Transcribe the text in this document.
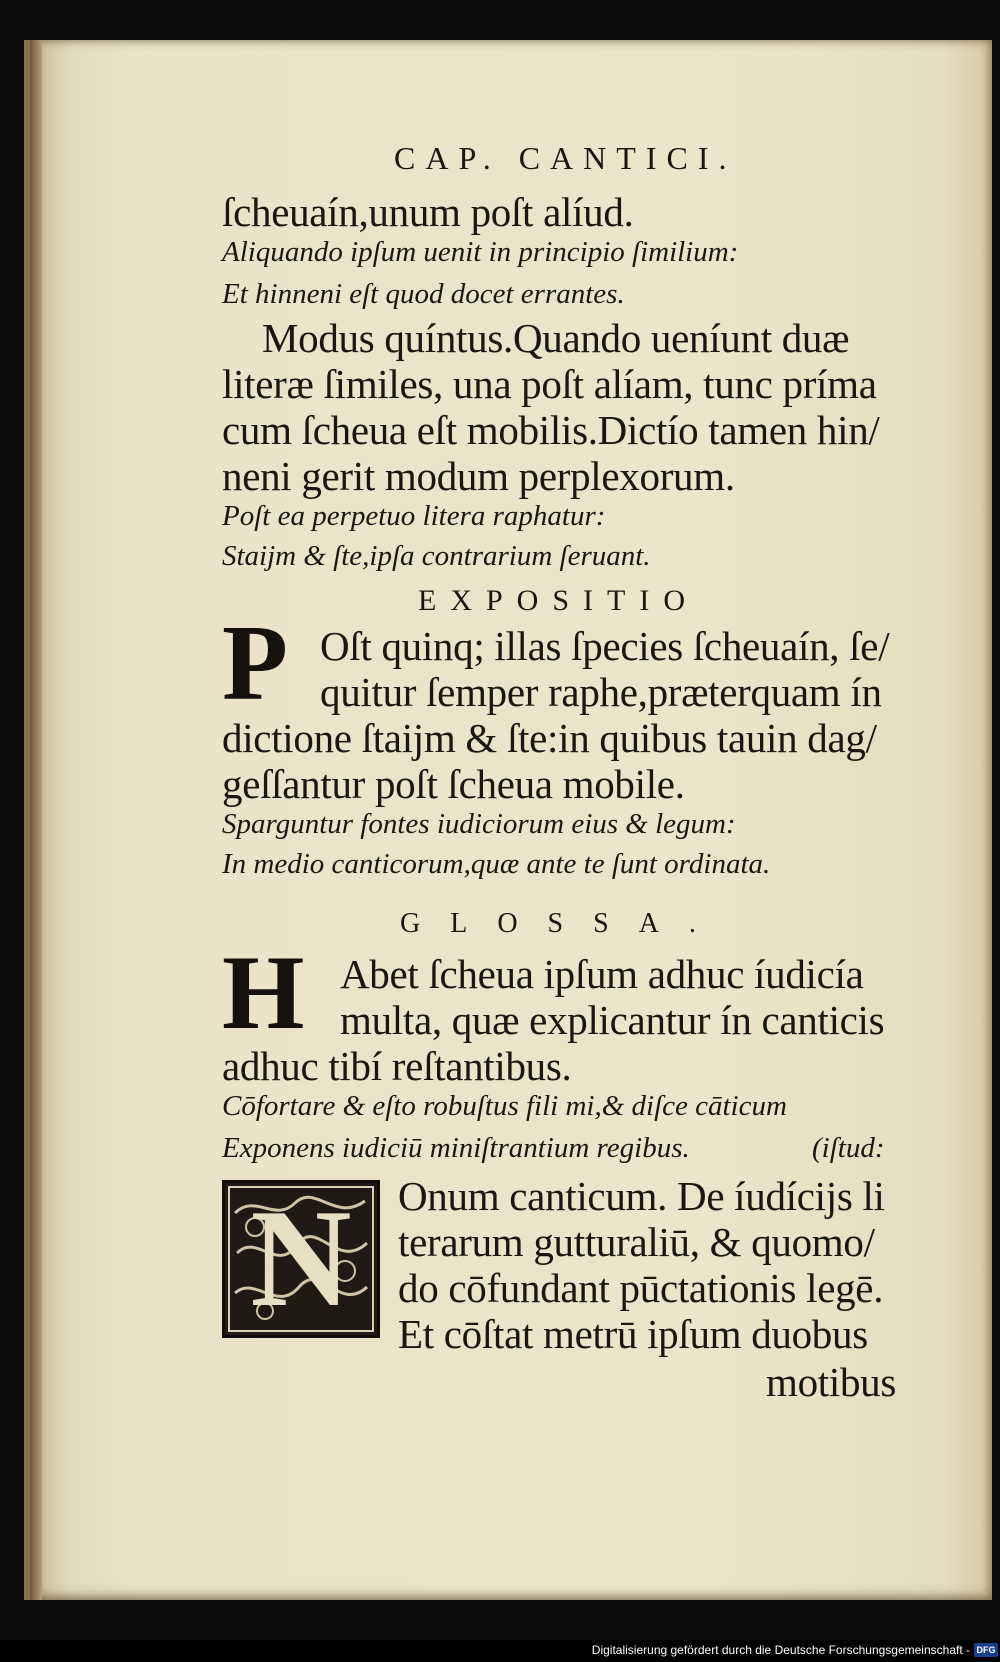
CAP. CANTICI.
ſcheuaín,unum poſt alíud.
Aliquando ipſum uenit in principio ſimilium:
Et hinneni eſt quod docet errantes.
Modus quíntus.Quando ueníunt duæ
literæ ſimiles, una poſt alíam, tunc príma
cum ſcheua eſt mobilis.Dictío tamen hin/
neni gerit modum perplexorum.
Poſt ea perpetuo litera raphatur:
Staijm & ſte,ipſa contrarium ſeruant.
EXPOSITIO
P Oſt quinq; illas ſpecies ſcheuaín, ſe/
quitur ſemper raphe,præterquam ín
dictione ſtaijm & ſte:in quibus tauin dag/
geſſantur poſt ſcheua mobile.
Sparguntur fontes iudiciorum eius & legum:
In medio canticorum,quæ ante te ſunt ordinata.
GLOSSA.
H Abet ſcheua ipſum adhuc íudicía
multa, quæ explicantur ín canticis
adhuc tibí reſtantibus.
Cōfortare & eſto robuſtus fili mi,& diſce cāticum
Exponens iudiciū miniſtrantium regibus.	(iſtud:
N Onum canticum. De íudícijs li
terarum gutturaliū, & quomo/
do cōfundant pūctationis legē.
Et cōſtat metrū ipſum duobus
motibus
Digitalisierung gefördert durch die Deutsche Forschungsgemeinschaft - DFG
